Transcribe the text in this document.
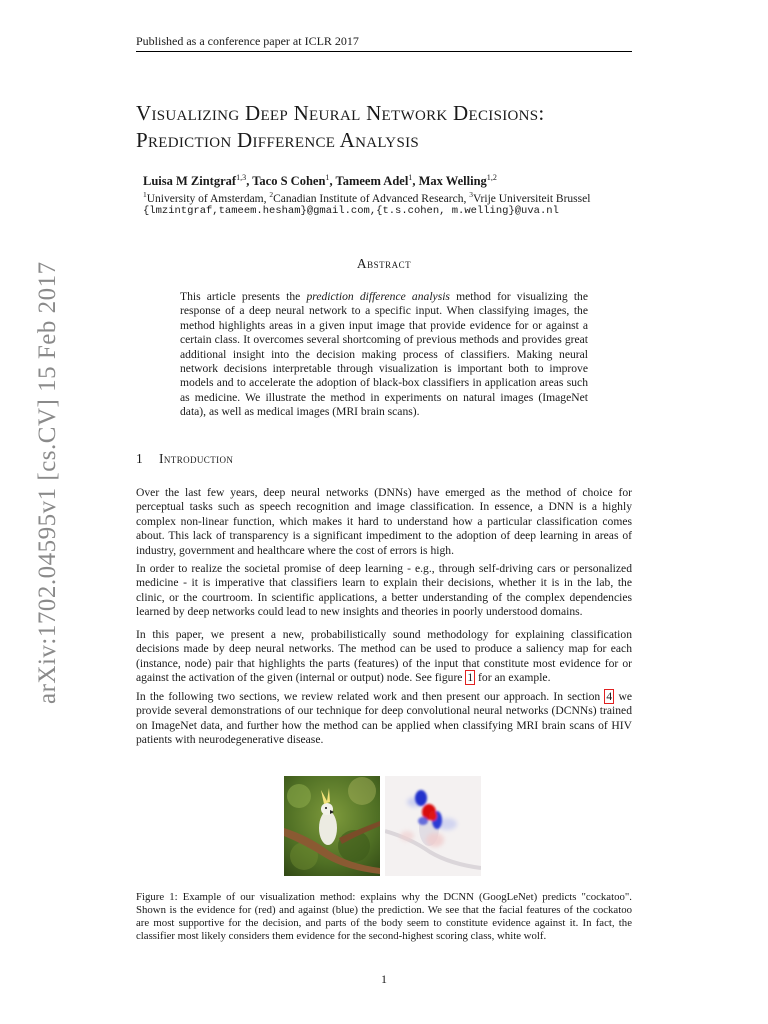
Published as a conference paper at ICLR 2017
arXiv:1702.04595v1 [cs.CV] 15 Feb 2017
Visualizing Deep Neural Network Decisions:
Prediction Difference Analysis
Luisa M Zintgraf$^{1,3}$, Taco S Cohen$^1$, Tameem Adel$^1$, Max Welling$^{1,2}$
$^1$University of Amsterdam, $^2$Canadian Institute of Advanced Research, $^3$Vrije Universiteit Brussel
{lmzintgraf,tameem.hesham}@gmail.com,{t.s.cohen, m.welling}@uva.nl
Abstract

This article presents the prediction difference analysis method for visualizing the response of a deep neural network to a specific input. When classifying images, the method highlights areas in a given input image that provide evidence for or against a certain class. It overcomes several shortcoming of previous methods and provides great additional insight into the decision making process of classifiers. Making neural network decisions interpretable through visualization is important both to improve models and to accelerate the adoption of black-box classifiers in application areas such as medicine. We illustrate the method in experiments on natural images (ImageNet data), as well as medical images (MRI brain scans).

1 Introduction

Over the last few years, deep neural networks (DNNs) have emerged as the method of choice for perceptual tasks such as speech recognition and image classification. In essence, a DNN is a highly complex non-linear function, which makes it hard to understand how a particular classification comes about. This lack of transparency is a significant impediment to the adoption of deep learning in areas of industry, government and healthcare where the cost of errors is high.

In order to realize the societal promise of deep learning - e.g., through self-driving cars or personalized medicine - it is imperative that classifiers learn to explain their decisions, whether it is in the lab, the clinic, or the courtroom. In scientific applications, a better understanding of the complex dependencies learned by deep networks could lead to new insights and theories in poorly understood domains.

In this paper, we present a new, probabilistically sound methodology for explaining classification decisions made by deep neural networks. The method can be used to produce a saliency map for each (instance, node) pair that highlights the parts (features) of the input that constitute most evidence for or against the activation of the given (internal or output) node. See figure 1 for an example.

In the following two sections, we review related work and then present our approach. In section 4 we provide several demonstrations of our technique for deep convolutional neural networks (DCNNs) trained on ImageNet data, and further how the method can be applied when classifying MRI brain scans of HIV patients with neurodegenerative disease.

Figure 1: Example of our visualization method: explains why the DCNN (GoogLeNet) predicts "cockatoo". Shown is the evidence for (red) and against (blue) the prediction. We see that the facial features of the cockatoo are most supportive for the decision, and parts of the body seem to constitute evidence against it. In fact, the classifier most likely considers them evidence for the second-highest scoring class, white wolf.
1
